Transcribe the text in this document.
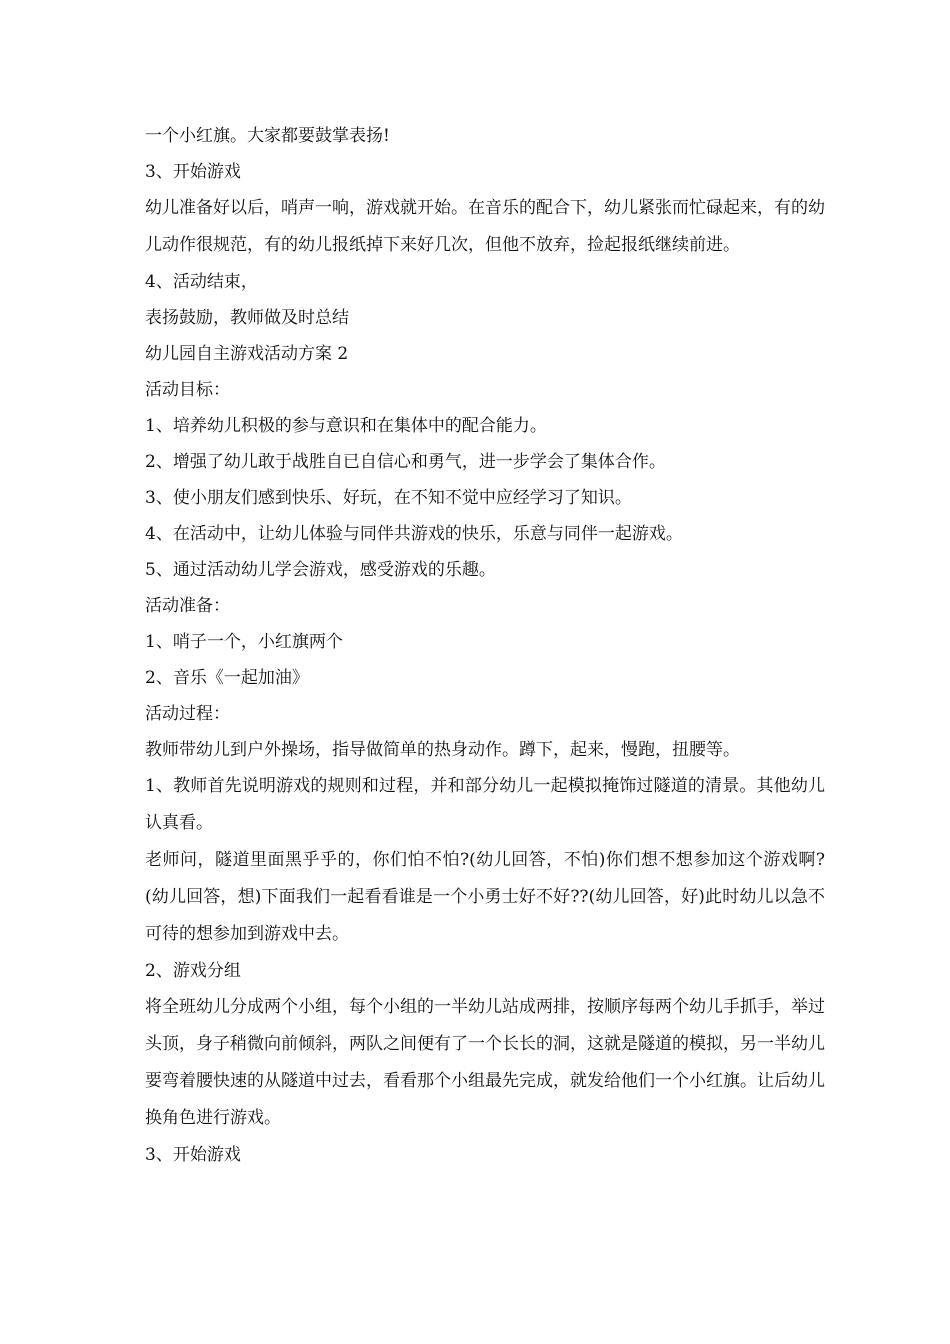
一个小红旗。大家都要鼓掌表扬!

3、开始游戏

幼儿准备好以后，哨声一响，游戏就开始。在音乐的配合下，幼儿紧张而忙碌起来，有的幼儿动作很规范，有的幼儿报纸掉下来好几次，但他不放弃，捡起报纸继续前进。

4、活动结束，

表扬鼓励，教师做及时总结

幼儿园自主游戏活动方案 2

活动目标：

1、培养幼儿积极的参与意识和在集体中的配合能力。

2、增强了幼儿敢于战胜自已自信心和勇气，进一步学会了集体合作。

3、使小朋友们感到快乐、好玩，在不知不觉中应经学习了知识。

4、在活动中，让幼儿体验与同伴共游戏的快乐，乐意与同伴一起游戏。

5、通过活动幼儿学会游戏，感受游戏的乐趣。

活动准备：

1、哨子一个，小红旗两个

2、音乐《一起加油》

活动过程：

教师带幼儿到户外操场，指导做简单的热身动作。蹲下，起来，慢跑，扭腰等。

1、教师首先说明游戏的规则和过程，并和部分幼儿一起模拟掩饰过隧道的清景。其他幼儿认真看。

老师问，隧道里面黑乎乎的，你们怕不怕?(幼儿回答，不怕)你们想不想参加这个游戏啊?(幼儿回答，想)下面我们一起看看谁是一个小勇士好不好??(幼儿回答，好)此时幼儿以急不可待的想参加到游戏中去。

2、游戏分组

将全班幼儿分成两个小组，每个小组的一半幼儿站成两排，按顺序每两个幼儿手抓手，举过头顶，身子稍微向前倾斜，两队之间便有了一个长长的洞，这就是隧道的模拟，另一半幼儿要弯着腰快速的从隧道中过去，看看那个小组最先完成，就发给他们一个小红旗。让后幼儿换角色进行游戏。

3、开始游戏
